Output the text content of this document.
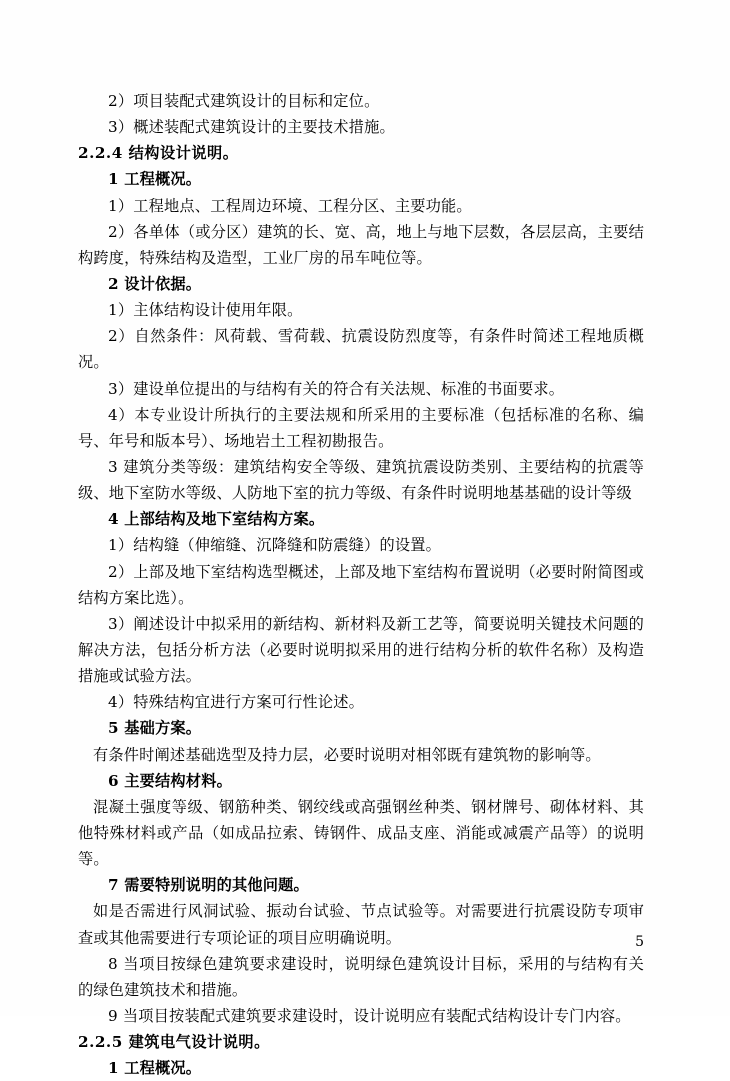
2）项目装配式建筑设计的目标和定位。

3）概述装配式建筑设计的主要技术措施。

2.2.4 结构设计说明。

1 工程概况。

1）工程地点、工程周边环境、工程分区、主要功能。

2）各单体（或分区）建筑的长、宽、高，地上与地下层数，各层层高，主要结构跨度，特殊结构及造型，工业厂房的吊车吨位等。

2 设计依据。

1）主体结构设计使用年限。

2）自然条件：风荷载、雪荷载、抗震设防烈度等，有条件时简述工程地质概况。

3）建设单位提出的与结构有关的符合有关法规、标准的书面要求。

4）本专业设计所执行的主要法规和所采用的主要标准（包括标准的名称、编号、年号和版本号）、场地岩土工程初勘报告。

3 建筑分类等级：建筑结构安全等级、建筑抗震设防类别、主要结构的抗震等级、地下室防水等级、人防地下室的抗力等级、有条件时说明地基基础的设计等级

4 上部结构及地下室结构方案。

1）结构缝（伸缩缝、沉降缝和防震缝）的设置。

2）上部及地下室结构选型概述，上部及地下室结构布置说明（必要时附简图或结构方案比选）。

3）阐述设计中拟采用的新结构、新材料及新工艺等，简要说明关键技术问题的解决方法，包括分析方法（必要时说明拟采用的进行结构分析的软件名称）及构造措施或试验方法。

4）特殊结构宜进行方案可行性论述。

5 基础方案。

有条件时阐述基础选型及持力层，必要时说明对相邻既有建筑物的影响等。

6 主要结构材料。

混凝土强度等级、钢筋种类、钢绞线或高强钢丝种类、钢材牌号、砌体材料、其他特殊材料或产品（如成品拉索、铸钢件、成品支座、消能或减震产品等）的说明等。

7 需要特别说明的其他问题。

如是否需进行风洞试验、振动台试验、节点试验等。对需要进行抗震设防专项审查或其他需要进行专项论证的项目应明确说明。

8 当项目按绿色建筑要求建设时，说明绿色建筑设计目标，采用的与结构有关的绿色建筑技术和措施。

9 当项目按装配式建筑要求建设时，设计说明应有装配式结构设计专门内容。

2.2.5 建筑电气设计说明。

1 工程概况。

5
